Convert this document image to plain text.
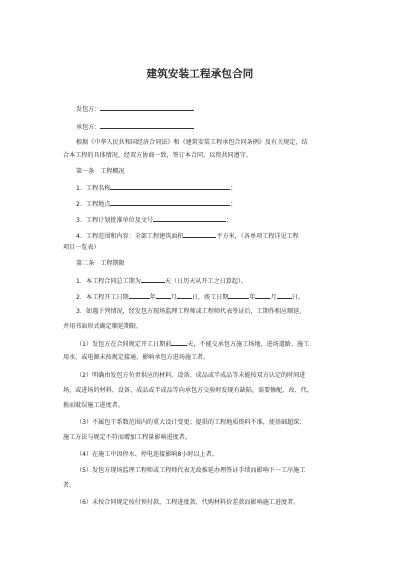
建筑安装工程承包合同
发包方：
承包方：
根据《中华人民共和国经济合同法》和《建筑安装工程承包合同条例》及有关规定，结
合本工程的具体情况，经双方协商一致，签订本合同，以资共同遵守。
第一条　工程概况
1．工程名称	；
2．工程地点	；
3．工程计划批准单位及文号	；
4．工程范围和内容：全部工程建筑面积	平方米，（各单项工程详见工程
项目一览表）
第二条　工程期限
1．本工程合同总工期为	天（日历天从开工之日算起）。
2．本工程开工日期	年 月 日，竣工日期	年 月 日。
3．如遇下列情况，经发包方现场监理工程师或工程师代表签证后，工期作相应顺延，
并用书面形式确定顺延期限。
（1）发包方在合同规定开工日期前	天，不能交承包方施工场地、进场道路、施工
用水、或电源未按规定接通，影响承包方进场施工者。
（2）明确由发包方负责供应的材料、设备、成品或半成品等未能按双方认定的时间进
场，或进场的材料、设备、成品或半成品等向承包方交验时发现有缺陷，需要修配、改、代、
换而耽误施工进度者。
（3）不属包干系数范围内的重大设计变更；提供的工程地质资料不准，使基础超深；
施工方法与规定不符而增加工程量影响进度者。
（4）在施工中因停水、停电连接影响8小时以上者。
（5）发包方现场监理工程师或工程师代表无故推延办理签证手续而影响下一工序施工
者。
（6）未按合同规定按付预付款、工程进度款、代购材料价差款而影响施工进度者。
